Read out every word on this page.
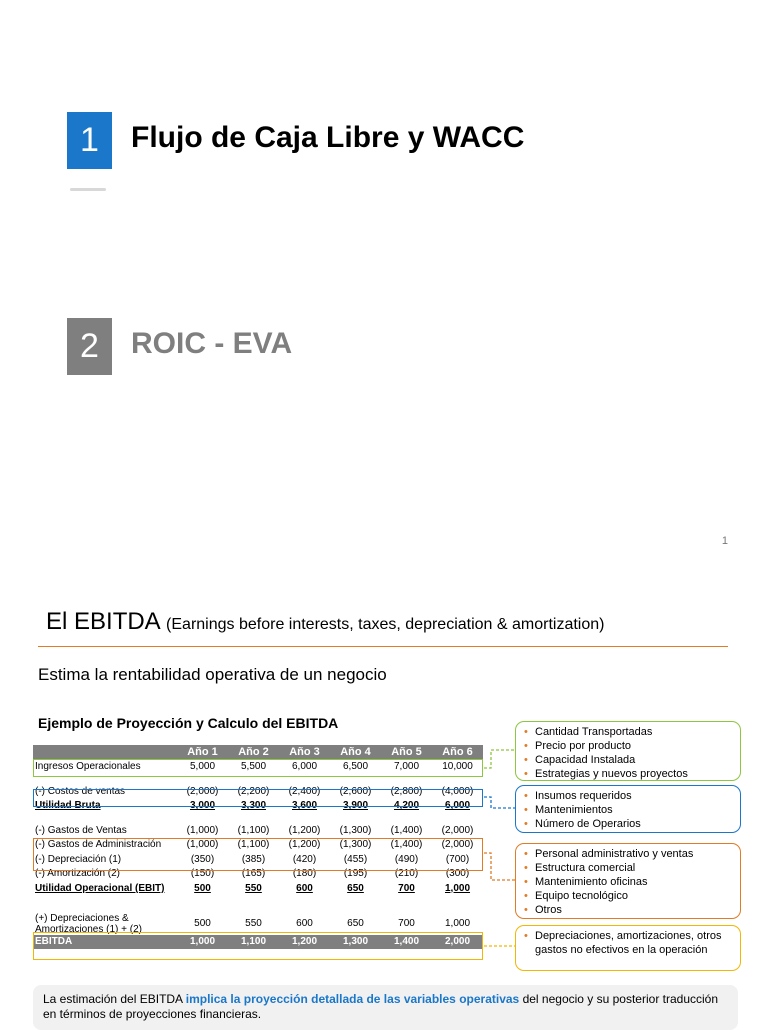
1	Flujo de Caja Libre y WACC
2	ROIC - EVA
1
El EBITDA (Earnings before interests, taxes, depreciation & amortization)
Estima la rentabilidad operativa de un negocio
Ejemplo de Proyección y Calculo del EBITDA
	Año 1	Año 2	Año 3	Año 4	Año 5	Año 6
Ingresos Operacionales	5,000	5,500	6,000	6,500	7,000	10,000

(-) Costos de ventas	(2,000)	(2,200)	(2,400)	(2,600)	(2,800)	(4,000)
Utilidad Bruta	3,000	3,300	3,600	3,900	4,200	6,000

(-) Gastos de Ventas	(1,000)	(1,100)	(1,200)	(1,300)	(1,400)	(2,000)
(-) Gastos de Administración	(1,000)	(1,100)	(1,200)	(1,300)	(1,400)	(2,000)
(-) Depreciación (1)	(350)	(385)	(420)	(455)	(490)	(700)
(-) Amortización (2)	(150)	(165)	(180)	(195)	(210)	(300)
Utilidad Operacional (EBIT)	500	550	600	650	700	1,000

(+) Depreciaciones & Amortizaciones (1) + (2)	500	550	600	650	700	1,000
EBITDA	1,000	1,100	1,200	1,300	1,400	2,000
• Cantidad Transportadas
• Precio por producto
• Capacidad Instalada
• Estrategias y nuevos proyectos
• Insumos requeridos
• Mantenimientos
• Número de Operarios
• Personal administrativo y ventas
• Estructura comercial
• Mantenimiento oficinas
• Equipo tecnológico
• Otros
• Depreciaciones, amortizaciones, otros gastos no efectivos en la operación
La estimación del EBITDA implica la proyección detallada de las variables operativas del negocio y su posterior traducción en términos de proyecciones financieras.
